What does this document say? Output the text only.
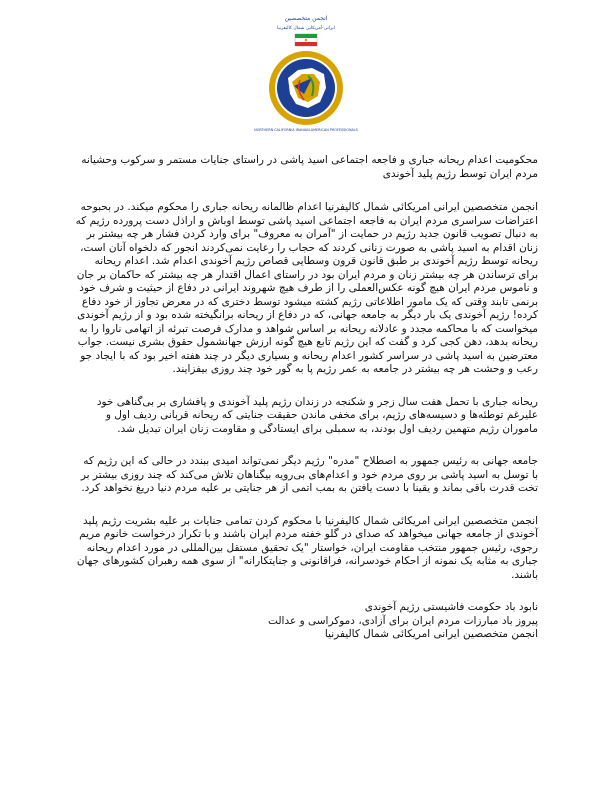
انجمن متخصصین
ایرانی-آمریکایی شمال کالیفرنیا
NORTHERN CALIFORNIA IRANIAN-AMERICAN PROFESSIONALS
محکومیت اعدام ریحانه جباری و فاجعه اجتماعی اسید پاشی در راستای جنایات مستمر و سرکوب وحشیانه مردم ایران توسط رژیم پلید آخوندی

انجمن متخصصین ایرانی امریکائی شمال کالیفرنیا اعدام ظالمانه ریحانه جباری را محکوم میکند. در بحبوحه اعتراضات سراسری مردم ایران به فاجعه اجتماعی اسید پاشی توسط اوباش و اراذل دست پرورده رژیم که به دنبال تصویب قانون جدید رژیم در حمایت از "آمران به معروف" برای وارد کردن فشار هر چه بیشتر بر زنان اقدام به اسید پاشی به صورت زنانی کردند که حجاب را رعایت نمی‌کردند انجور که دلخواه آنان است، ریحانه توسط رژیم آخوندی بر طبق قانون قرون وسطایی قصاص رژیم آخوندی اعدام شد. اعدام ریحانه برای ترساندن هر چه بیشتر زنان و مردم ایران بود در راستای اعمال اقتدار هر چه بیشتر که حاکمان بر جان و ناموس مردم ایران هیچ گونه عکس‌العملی را از طرف هیچ شهروند ایرانی در دفاع از حیثیت و شرف خود برنمی تابند وقتی که یک مامور اطلاعاتی رژیم کشته میشود توسط دختری که در معرض تجاوز از خود دفاع کرده! رژیم آخوندی یک بار دیگر به جامعه جهانی، که در دفاع از ریحانه برانگیخته شده بود و از رژیم آخوندی میخواست که با محاکمه مجدد و عادلانه ریحانه بر اساس شواهد و مدارک فرصت تبرئه از اتهامی ناروا را به ریحانه بدهد، دهن کجی کرد و گفت که این رژیم تابع هیچ گونه ارزش جهانشمول حقوق بشری نیست. جواب معترضین به اسید پاشی در سراسر کشور اعدام ریحانه و بسیاری دیگر در چند هفته اخیر بود که با ایجاد جو رعب و وحشت هر چه بیشتر در جامعه به عمر رژیم پا به گور خود چند روزی بیفزایند.

ریحانه جباری با تحمل هفت سال زجر و شکنجه در زندان رژیم پلید آخوندی و پافشاری بر بی‌گناهی خود علیرغم توطئه‌ها و دسیسه‌های رژیم، برای مخفی ماندن حقیقت جنایتی که ریحانه قربانی ردیف اول و ماموران رژیم متهمین ردیف اول بودند، به سمبلی برای ایستادگی و مقاومت زنان ایران تبدیل شد.

جامعه جهانی به رئیس جمهور به اصطلاح "مدره" رژیم دیگر نمی‌تواند امیدی ببندد در حالی که این رژیم که با توسل به اسید پاشی بر روی مردم خود و اعدام‌های بی‌رویه بیگناهان تلاش می‌کند که چند روزی بیشتر بر تخت قدرت باقی بماند و یقینا با دست یافتن به بمب اتمی از هر جنایتی بر علیه مردم دنیا دریغ نخواهد کرد.

انجمن متخصصین ایرانی امریکائی شمال کالیفرنیا با محکوم کردن تمامی جنایات بر علیه بشریت رژیم پلید آخوندی از جامعه جهانی میخواهد که صدای در گلو خفته مردم ایران باشند و با تکرار درخواست خانوم مریم رجوی، رئیس جمهور منتخب مقاومت ایران، خواستار "یک تحقیق مستقل بین‌المللی در مورد اعدام ریحانه جباری به مثابه یک نمونه از احکام خودسرانه، فراقانونی و جنایتکارانه" از سوی همه رهبران کشورهای جهان باشند.

نابود باد حکومت فاشیستی رژیم آخوندی
پیروز باد مبارزات مردم ایران برای آزادی، دموکراسی و عدالت
انجمن متخصصین ایرانی امریکائی شمال کالیفرنیا
